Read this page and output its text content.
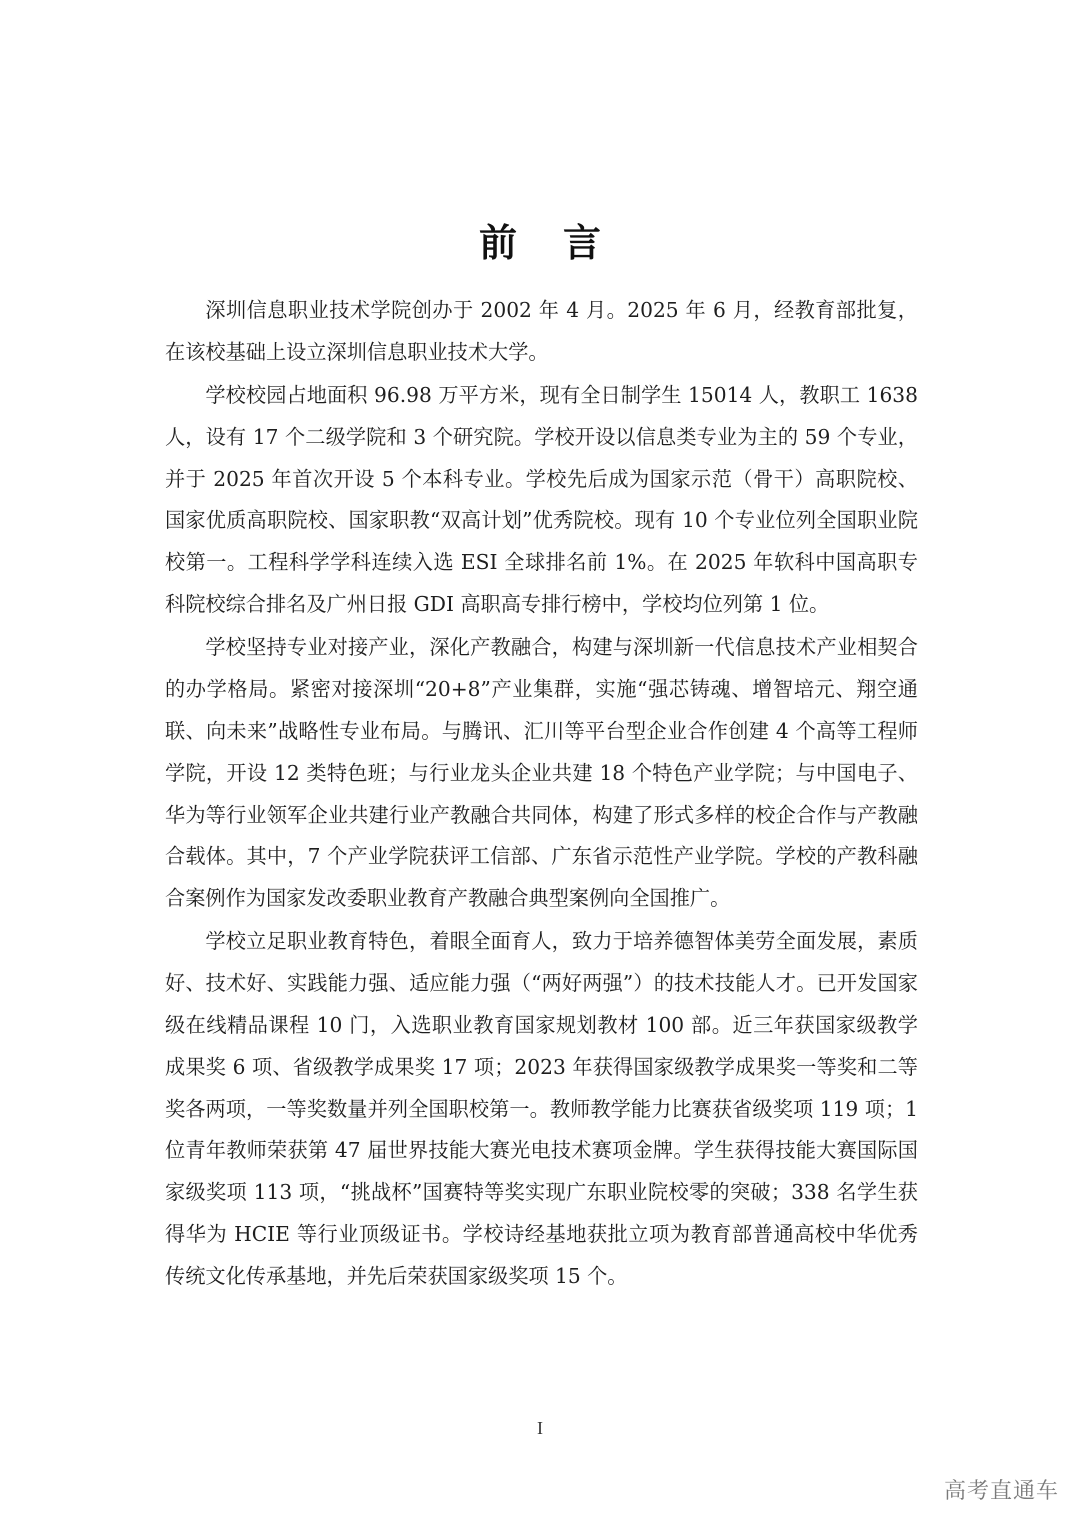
前言

深圳信息职业技术学院创办于 2002 年 4 月。2025 年 6 月，经教育部批复，在该校基础上设立深圳信息职业技术大学。

学校校园占地面积 96.98 万平方米，现有全日制学生 15014 人，教职工 1638 人，设有 17 个二级学院和 3 个研究院。学校开设以信息类专业为主的 59 个专业，并于 2025 年首次开设 5 个本科专业。学校先后成为国家示范（骨干）高职院校、国家优质高职院校、国家职教“双高计划”优秀院校。现有 10 个专业位列全国职业院校第一。工程科学学科连续入选 ESI 全球排名前 1%。在 2025 年软科中国高职专科院校综合排名及广州日报 GDI 高职高专排行榜中，学校均位列第 1 位。

学校坚持专业对接产业，深化产教融合，构建与深圳新一代信息技术产业相契合的办学格局。紧密对接深圳“20+8”产业集群，实施“强芯铸魂、增智培元、翔空通联、向未来”战略性专业布局。与腾讯、汇川等平台型企业合作创建 4 个高等工程师学院，开设 12 类特色班；与行业龙头企业共建 18 个特色产业学院；与中国电子、华为等行业领军企业共建行业产教融合共同体，构建了形式多样的校企合作与产教融合载体。其中，7 个产业学院获评工信部、广东省示范性产业学院。学校的产教科融合案例作为国家发改委职业教育产教融合典型案例向全国推广。

学校立足职业教育特色，着眼全面育人，致力于培养德智体美劳全面发展，素质好、技术好、实践能力强、适应能力强（“两好两强”）的技术技能人才。已开发国家级在线精品课程 10 门，入选职业教育国家规划教材 100 部。近三年获国家级教学成果奖 6 项、省级教学成果奖 17 项；2023 年获得国家级教学成果奖一等奖和二等奖各两项，一等奖数量并列全国职校第一。教师教学能力比赛获省级奖项 119 项；1 位青年教师荣获第 47 届世界技能大赛光电技术赛项金牌。学生获得技能大赛国际国家级奖项 113 项，“挑战杯”国赛特等奖实现广东职业院校零的突破；338 名学生获得华为 HCIE 等行业顶级证书。学校诗经基地获批立项为教育部普通高校中华优秀传统文化传承基地，并先后荣获国家级奖项 15 个。

I
高考直通车
